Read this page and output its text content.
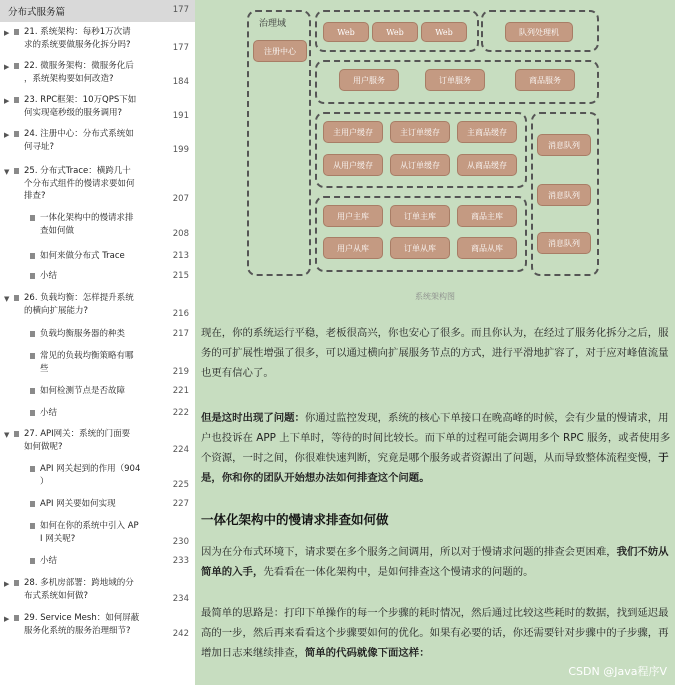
分布式服务篇	177
▶ 21. 系统架构：每秒1万次请
求的系统要做服务化拆分吗?	177
▶ 22. 微服务架构：微服务化后
，系统架构要如何改造?	184
▶ 23. RPC框架：10万QPS下如
何实现毫秒级的服务调用?	191
▶ 24. 注册中心：分布式系统如
何寻址?	199
▼ 25. 分布式Trace：横跨几十
个分布式组件的慢请求要如何
排查?	207
一体化架构中的慢请求排
查如何做	208
如何来做分布式 Trace	213
小结	215
▼ 26. 负载均衡：怎样提升系统
的横向扩展能力?	216
负载均衡服务器的种类	217
常见的负载均衡策略有哪
些	219
如何检测节点是否故障	221
小结	222
▼ 27. API网关：系统的门面要
如何做呢?	224
API 网关起到的作用（904
）	225
API 网关要如何实现	227
如何在你的系统中引入 AP
I 网关呢?	230
小结	233
▶ 28. 多机房部署：跨地域的分
布式系统如何做?	234
▶ 29. Service Mesh：如何屏蔽
服务化系统的服务治理细节?	242
治理域
注册中心
Web	Web	Web	队列处理机
用户服务	订单服务	商品服务
主用户缓存	主订单缓存	主商品缓存
从用户缓存	从订单缓存	从商品缓存
用户主库	订单主库	商品主库
用户从库	订单从库	商品从库
消息队列
消息队列
消息队列
系统架构图

现在，你的系统运行平稳，老板很高兴，你也安心了很多。而且你认为，在经过了服务化拆分之后，服务的可扩展性增强了很多，可以通过横向扩展服务节点的方式，进行平滑地扩容了，对于应对峰值流量也更有信心了。

但是这时出现了问题：你通过监控发现，系统的核心下单接口在晚高峰的时候，会有少量的慢请求，用户也投诉在 APP 上下单时，等待的时间比较长。而下单的过程可能会调用多个 RPC 服务，或者使用多个资源，一时之间，你很难快速判断，究竟是哪个服务或者资源出了问题，从而导致整体流程变慢，于是，你和你的团队开始想办法如何排查这个问题。

一体化架构中的慢请求排查如何做

因为在分布式环境下，请求要在多个服务之间调用，所以对于慢请求问题的排查会更困难，我们不妨从简单的入手，先看看在一体化架构中，是如何排查这个慢请求的问题的。

最简单的思路是：打印下单操作的每一个步骤的耗时情况，然后通过比较这些耗时的数据，找到延迟最高的一步，然后再来看看这个步骤要如何的优化。如果有必要的话，你还需要针对步骤中的子步骤，再增加日志来继续排查，简单的代码就像下面这样：

CSDN @Java程序V
